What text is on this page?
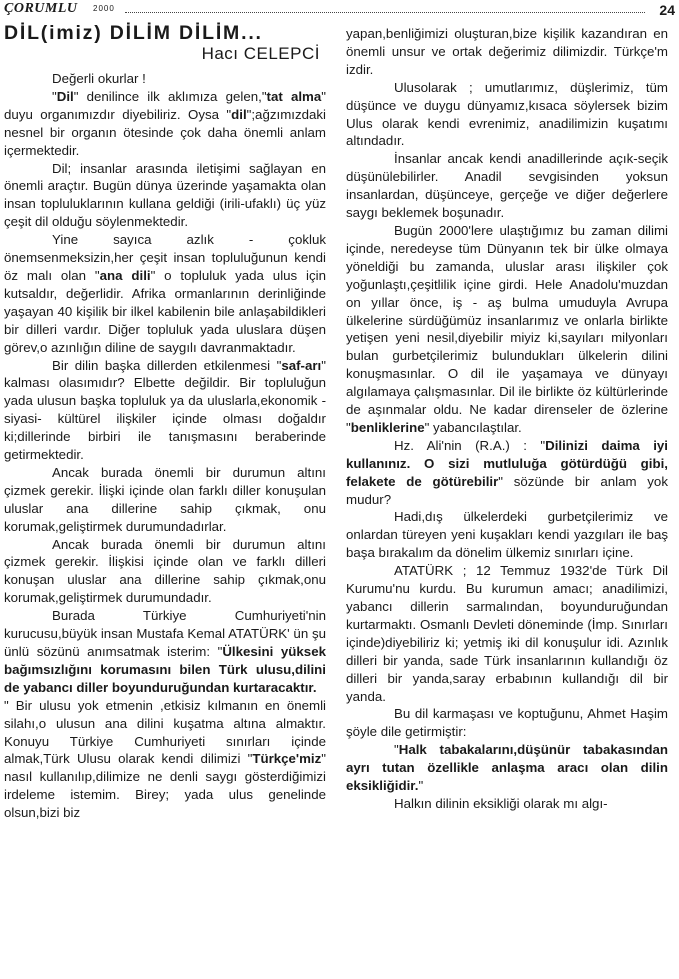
ÇORUMLU 2000	24
DİL(imiz) DİLİM DİLİM...
Hacı CELEPCİ

Değerli okurlar !

"Dil" denilince ilk aklımıza gelen,"tat alma" duyu organımızdır diyebiliriz. Oysa "dil";ağzımızdaki nesnel bir organın ötesinde çok daha önemli anlam içermektedir.

Dil; insanlar arasında iletişimi sağlayan en önemli araçtır. Bugün dünya üzerinde yaşamakta olan insan topluluklarının kullana geldiği (irili-ufaklı) üç yüz çeşit dil olduğu söylenmektedir.

Yine sayıca azlık - çokluk önemsenmeksizin,her çeşit insan topluluğunun kendi öz malı olan "ana dili" o topluluk yada ulus için kutsaldır, değerlidir. Afrika ormanlarının derinliğinde yaşayan 40 kişilik bir ilkel kabilenin bile anlaşabildikleri bir dilleri vardır. Diğer topluluk yada uluslara düşen görev,o azınlığın diline de saygılı davranmaktadır.

Bir dilin başka dillerden etkilenmesi "saf-arı" kalması olasımıdır? Elbette değildir. Bir topluluğun yada ulusun başka topluluk ya da uluslarla,ekonomik -siyasi- kültürel ilişkiler içinde olması doğaldır ki;dillerinde birbiri ile tanışmasını beraberinde getirmektedir.

Ancak burada önemli bir durumun altını çizmek gerekir. İlişki içinde olan farklı diller konuşulan uluslar ana dillerine sahip çıkmak, onu korumak,geliştirmek durumundadırlar.

Ancak burada önemli bir durumun altını çizmek gerekir. İlişkisi içinde olan ve farklı dilleri konuşan uluslar ana dillerine sahip çıkmak,onu korumak,geliştirmek durumundadır.

Burada Türkiye Cumhuriyeti'nin kurucusu,büyük insan Mustafa Kemal ATATÜRK' ün şu ünlü sözünü anımsatmak isterim: "Ülkesini yüksek bağımsızlığını korumasını bilen Türk ulusu,dilini de yabancı diller boyunduruğundan kurtaracaktır.

" Bir ulusu yok etmenin ,etkisiz kılmanın en önemli silahı,o ulusun ana dilini kuşatma altına almaktır. Konuyu Türkiye Cumhuriyeti sınırları içinde almak,Türk Ulusu olarak kendi dilimizi "Türkçe'miz" nasıl kullanılıp,dilimize ne denli saygı gösterdiğimizi irdeleme istemim. Birey; yada ulus genelinde olsun,bizi biz

yapan,benliğimizi oluşturan,bize kişilik kazandıran en önemli unsur ve ortak değerimiz dilimizdir. Türkçe'm izdir.

Ulusolarak ; umutlarımız, düşlerimiz, tüm düşünce ve duygu dünyamız,kısaca söylersek bizim Ulus olarak kendi evrenimiz, anadilimizin kuşatımı altındadır.

İnsanlar ancak kendi anadillerinde açık-seçik düşünülebilirler. Anadil sevgisinden yoksun insanlardan, düşünceye, gerçeğe ve diğer değerlere saygı beklemek boşunadır.

Bugün 2000'lere ulaştığımız bu zaman dilimi içinde, neredeyse tüm Dünyanın tek bir ülke olmaya yöneldiği bu zamanda, uluslar arası ilişkiler çok yoğunlaştı,çeşitlilik içine girdi. Hele Anadolu'muzdan on yıllar önce, iş - aş bulma umuduyla Avrupa ülkelerine sürdüğümüz insanlarımız ve onlarla birlikte yetişen yeni nesil,diyebilir miyiz ki,sayıları milyonları bulan gurbetçilerimiz bulundukları ülkelerin dilini konuşmasınlar. O dil ile yaşamaya ve dünyayı algılamaya çalışmasınlar. Dil ile birlikte öz kültürlerinde de aşınmalar oldu. Ne kadar direnseler de özlerine "benliklerine" yabancılaştılar.

Hz. Ali'nin (R.A.) : "Dilinizi daima iyi kullanınız. O sizi mutluluğa götürdüğü gibi, felakete de götürebilir" sözünde bir anlam yok mudur?

Hadi,dış ülkelerdeki gurbetçilerimiz ve onlardan türeyen yeni kuşakları kendi yazgıları ile baş başa bırakalım da dönelim ülkemiz sınırları içine.

ATATÜRK ; 12 Temmuz 1932'de Türk Dil Kurumu'nu kurdu. Bu kurumun amacı; anadilimizi, yabancı dillerin sarmalından, boyunduruğundan kurtarmaktı. Osmanlı Devleti döneminde (İmp. Sınırları içinde)diyebiliriz ki; yetmiş iki dil konuşulur idi. Azınlık dilleri bir yanda, sade Türk insanlarının kullandığı öz dilleri bir yanda,saray erbabının kullandığı dil bir yanda.

Bu dil karmaşası ve koptuğunu, Ahmet Haşim şöyle dile getirmiştir:

"Halk tabakalarını,düşünür tabakasından ayrı tutan özellikle anlaşma aracı olan dilin eksikliğidir."

Halkın dilinin eksikliği olarak mı algı-
